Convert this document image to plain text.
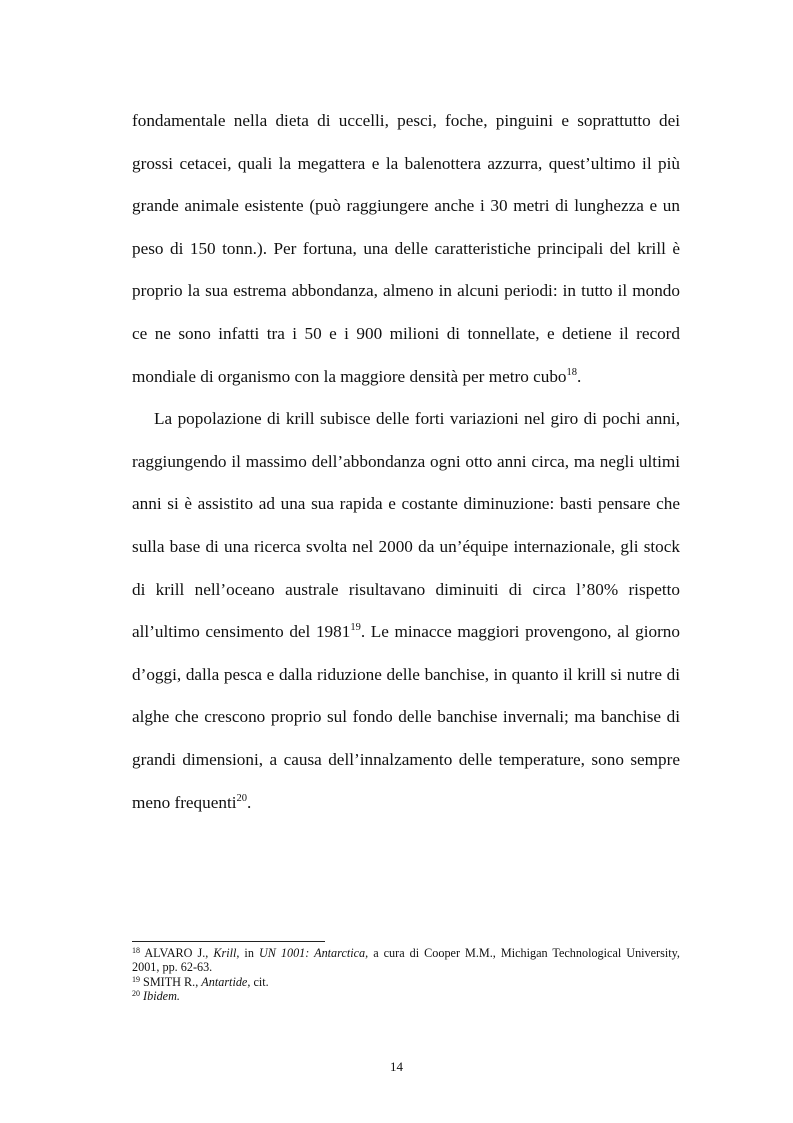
fondamentale nella dieta di uccelli, pesci, foche, pinguini e soprattutto dei grossi cetacei, quali la megattera e la balenottera azzurra, quest’ultimo il più grande animale esistente (può raggiungere anche i 30 metri di lunghezza e un peso di 150 tonn.). Per fortuna, una delle caratteristiche principali del krill è proprio la sua estrema abbondanza, almeno in alcuni periodi: in tutto il mondo ce ne sono infatti tra i 50 e i 900 milioni di tonnellate, e detiene il record mondiale di organismo con la maggiore densità per metro cubo$^{18}$.

La popolazione di krill subisce delle forti variazioni nel giro di pochi anni, raggiungendo il massimo dell’abbondanza ogni otto anni circa, ma negli ultimi anni si è assistito ad una sua rapida e costante diminuzione: basti pensare che sulla base di una ricerca svolta nel 2000 da un’équipe internazionale, gli stock di krill nell’oceano australe risultavano diminuiti di circa l’80% rispetto all’ultimo censimento del 1981$^{19}$. Le minacce maggiori provengono, al giorno d’oggi, dalla pesca e dalla riduzione delle banchise, in quanto il krill si nutre di alghe che crescono proprio sul fondo delle banchise invernali; ma banchise di grandi dimensioni, a causa dell’innalzamento delle temperature, sono sempre meno frequenti$^{20}$.

$^{18}$ ALVARO J., Krill, in UN 1001: Antarctica, a cura di Cooper M.M., Michigan Technological University, 2001, pp. 62-63.

$^{19}$ SMITH R., Antartide, cit.

$^{20}$ Ibidem.

14
